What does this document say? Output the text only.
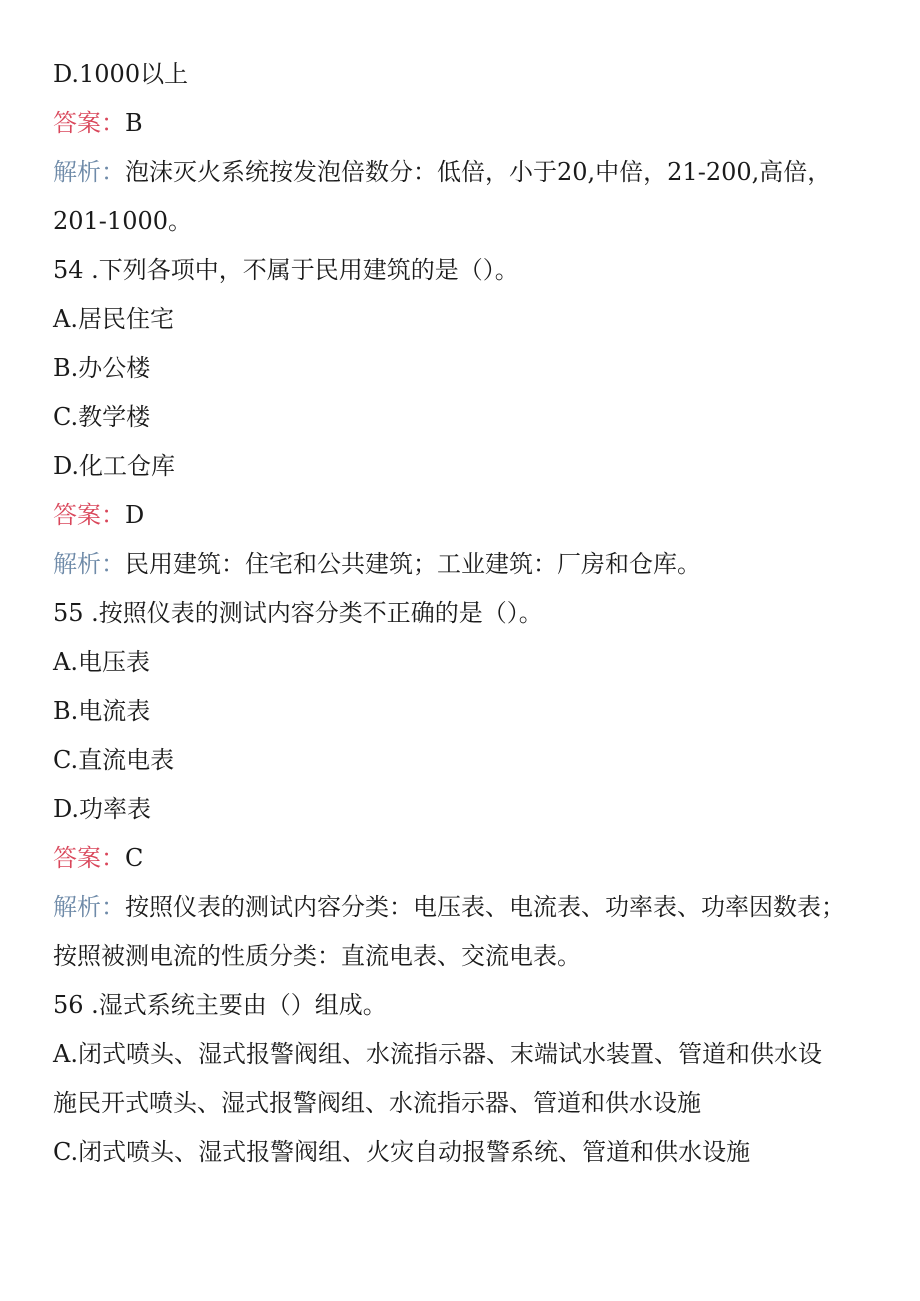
D.1000以上
答案：B
解析：泡沫灭火系统按发泡倍数分：低倍，小于20,中倍，21-200,高倍，
201-1000。
54 .下列各项中，不属于民用建筑的是（）。
A.居民住宅
B.办公楼
C.教学楼
D.化工仓库
答案：D
解析：民用建筑：住宅和公共建筑；工业建筑：厂房和仓库。
55 .按照仪表的测试内容分类不正确的是（）。
A.电压表
B.电流表
C.直流电表
D.功率表
答案：C
解析：按照仪表的测试内容分类：电压表、电流表、功率表、功率因数表；
按照被测电流的性质分类：直流电表、交流电表。
56 .湿式系统主要由（）组成。
A.闭式喷头、湿式报警阀组、水流指示器、末端试水装置、管道和供水设
施民开式喷头、湿式报警阀组、水流指示器、管道和供水设施
C.闭式喷头、湿式报警阀组、火灾自动报警系统、管道和供水设施
